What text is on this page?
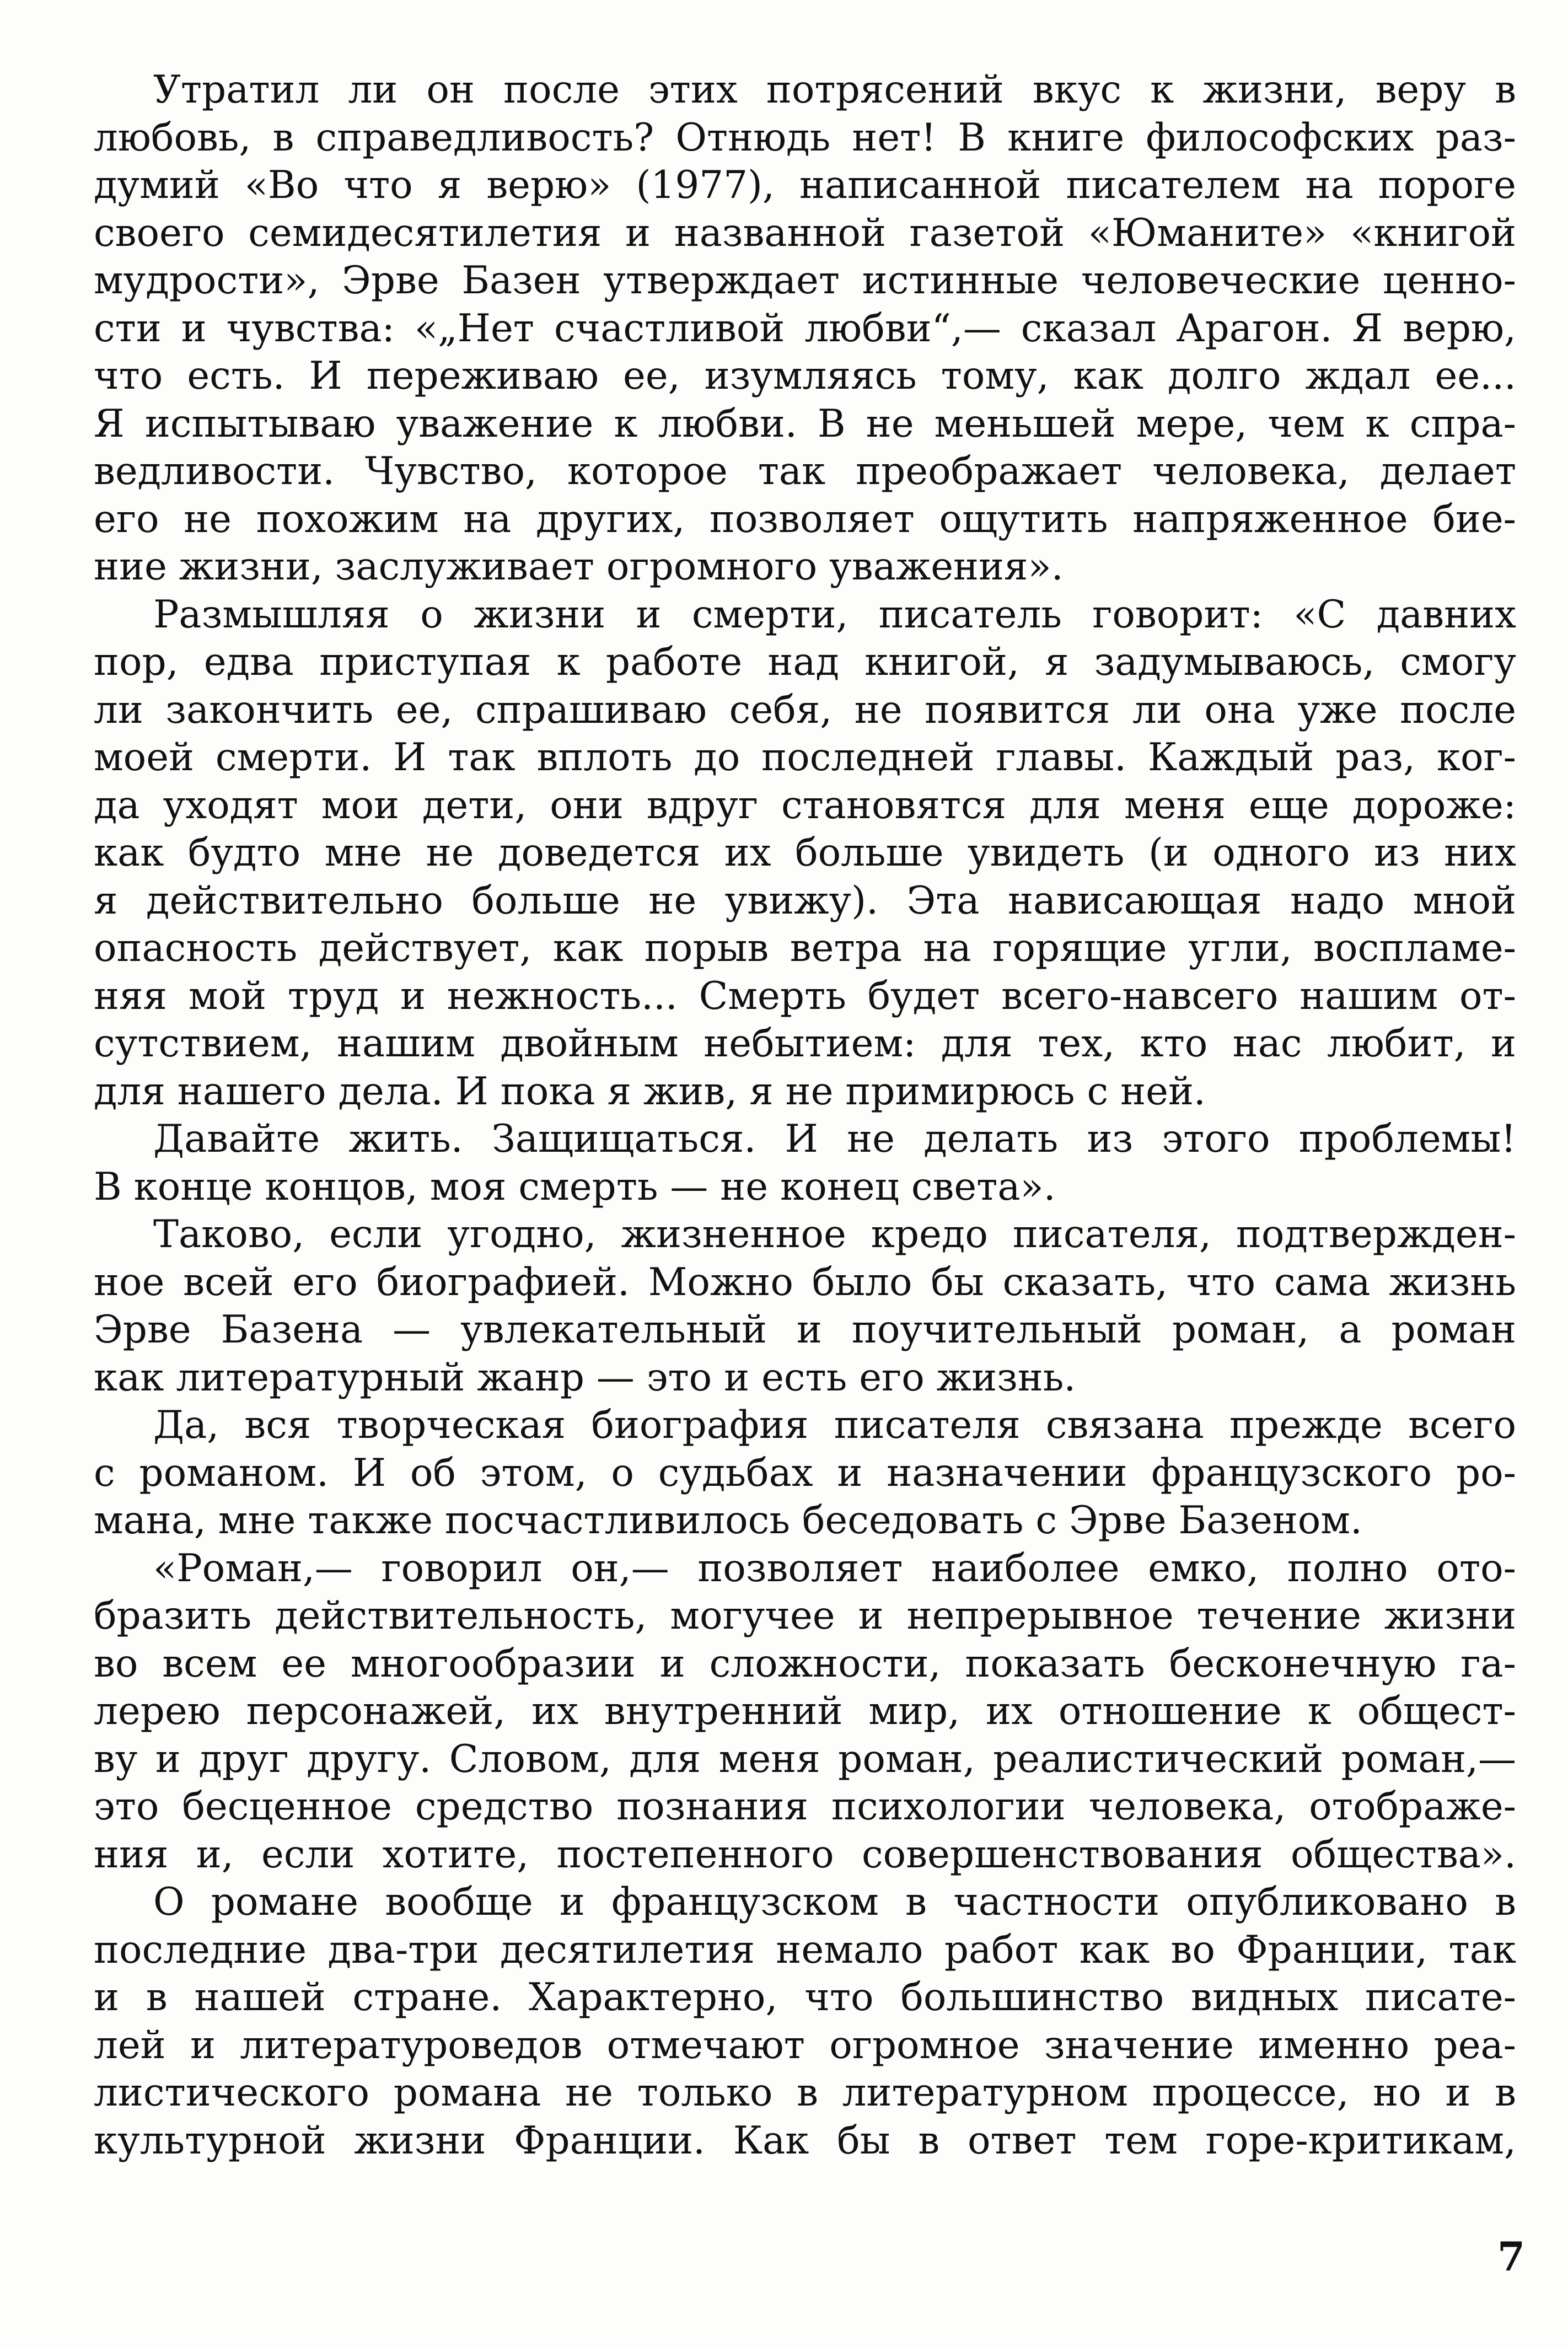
Утратил ли он после этих потрясений вкус к жизни, веру в
любовь, в справедливость? Отнюдь нет! В книге философских раз-
думий «Во что я верю» (1977), написанной писателем на пороге
своего семидесятилетия и названной газетой «Юманите» «книгой
мудрости», Эрве Базен утверждает истинные человеческие ценно-
сти и чувства: «„Нет счастливой любви“,— сказал Арагон. Я верю,
что есть. И переживаю ее, изумляясь тому, как долго ждал ее...
Я испытываю уважение к любви. В не меньшей мере, чем к спра-
ведливости. Чувство, которое так преображает человека, делает
его не похожим на других, позволяет ощутить напряженное бие-
ние жизни, заслуживает огромного уважения».
Размышляя о жизни и смерти, писатель говорит: «С давних
пор, едва приступая к работе над книгой, я задумываюсь, смогу
ли закончить ее, спрашиваю себя, не появится ли она уже после
моей смерти. И так вплоть до последней главы. Каждый раз, ког-
да уходят мои дети, они вдруг становятся для меня еще дороже:
как будто мне не доведется их больше увидеть (и одного из них
я действительно больше не увижу). Эта нависающая надо мной
опасность действует, как порыв ветра на горящие угли, воспламе-
няя мой труд и нежность... Смерть будет всего-навсего нашим от-
сутствием, нашим двойным небытием: для тех, кто нас любит, и
для нашего дела. И пока я жив, я не примирюсь с ней.
Давайте жить. Защищаться. И не делать из этого проблемы!
В конце концов, моя смерть — не конец света».
Таково, если угодно, жизненное кредо писателя, подтвержден-
ное всей его биографией. Можно было бы сказать, что сама жизнь
Эрве Базена — увлекательный и поучительный роман, а роман
как литературный жанр — это и есть его жизнь.
Да, вся творческая биография писателя связана прежде всего
с романом. И об этом, о судьбах и назначении французского ро-
мана, мне также посчастливилось беседовать с Эрве Базеном.
«Роман,— говорил он,— позволяет наиболее емко, полно ото-
бразить действительность, могучее и непрерывное течение жизни
во всем ее многообразии и сложности, показать бесконечную га-
лерею персонажей, их внутренний мир, их отношение к общест-
ву и друг другу. Словом, для меня роман, реалистический роман,—
это бесценное средство познания психологии человека, отображе-
ния и, если хотите, постепенного совершенствования общества».
О романе вообще и французском в частности опубликовано в
последние два-три десятилетия немало работ как во Франции, так
и в нашей стране. Характерно, что большинство видных писате-
лей и литературоведов отмечают огромное значение именно реа-
листического романа не только в литературном процессе, но и в
культурной жизни Франции. Как бы в ответ тем горе-критикам,
7
